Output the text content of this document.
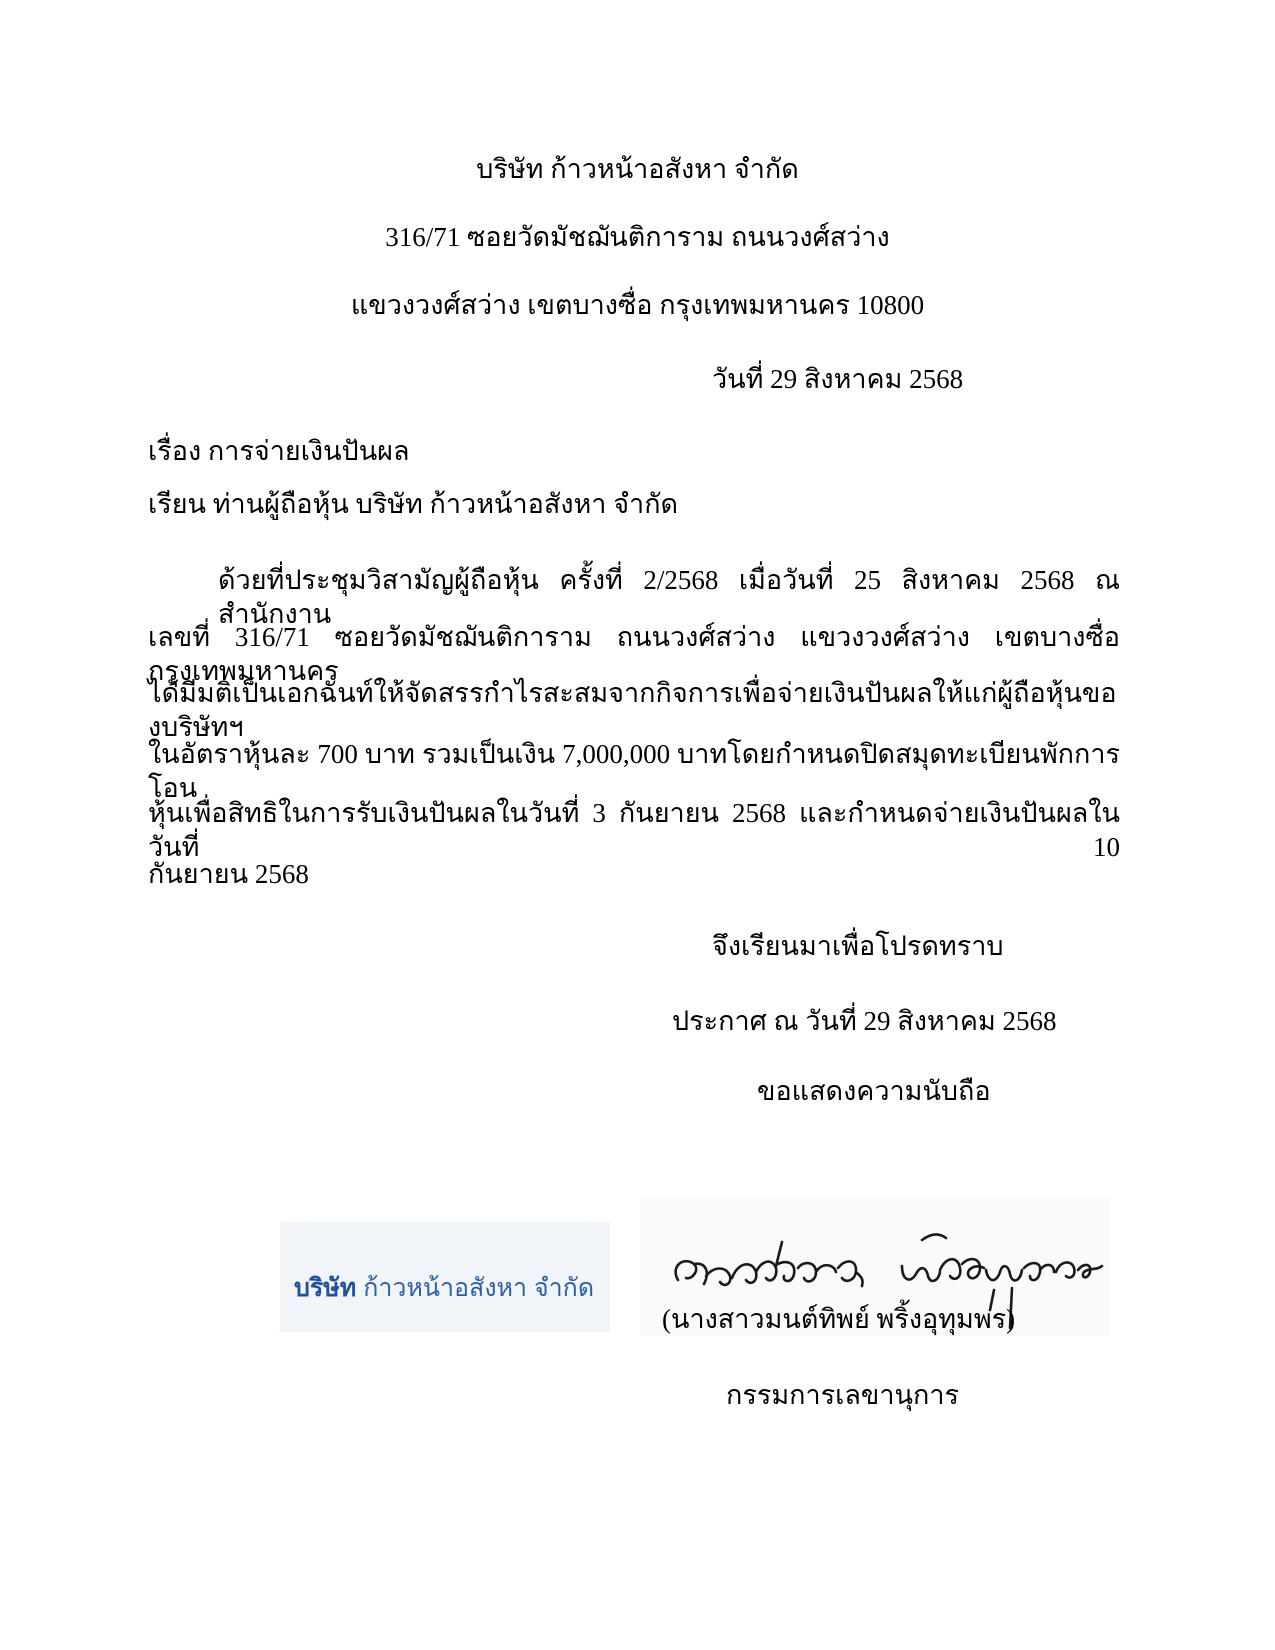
บริษัท ก้าวหน้าอสังหา จำกัด
316/71 ซอยวัดมัชฌันติการาม ถนนวงศ์สว่าง
แขวงวงศ์สว่าง เขตบางซื่อ กรุงเทพมหานคร 10800
วันที่ 29 สิงหาคม 2568
เรื่อง การจ่ายเงินปันผล
เรียน ท่านผู้ถือหุ้น บริษัท ก้าวหน้าอสังหา จำกัด
ด้วยที่ประชุมวิสามัญผู้ถือหุ้น ครั้งที่ 2/2568 เมื่อวันที่ 25 สิงหาคม 2568 ณ สำนักงาน
เลขที่ 316/71 ซอยวัดมัชฌันติการาม ถนนวงศ์สว่าง แขวงวงศ์สว่าง เขตบางซื่อ กรุงเทพมหานคร
ได้มีมติเป็นเอกฉันท์ให้จัดสรรกำไรสะสมจากกิจการเพื่อจ่ายเงินปันผลให้แก่ผู้ถือหุ้นของบริษัทฯ
ในอัตราหุ้นละ 700 บาท รวมเป็นเงิน 7,000,000 บาทโดยกำหนดปิดสมุดทะเบียนพักการโอน
หุ้นเพื่อสิทธิในการรับเงินปันผลในวันที่ 3 กันยายน 2568 และกำหนดจ่ายเงินปันผลในวันที่ 10
กันยายน 2568
จึงเรียนมาเพื่อโปรดทราบ
ประกาศ ณ วันที่ 29 สิงหาคม 2568
ขอแสดงความนับถือ
บริษัท ก้าวหน้าอสังหา จำกัด
(นางสาวมนต์ทิพย์ พริ้งอุทุมพร)
กรรมการเลขานุการ
